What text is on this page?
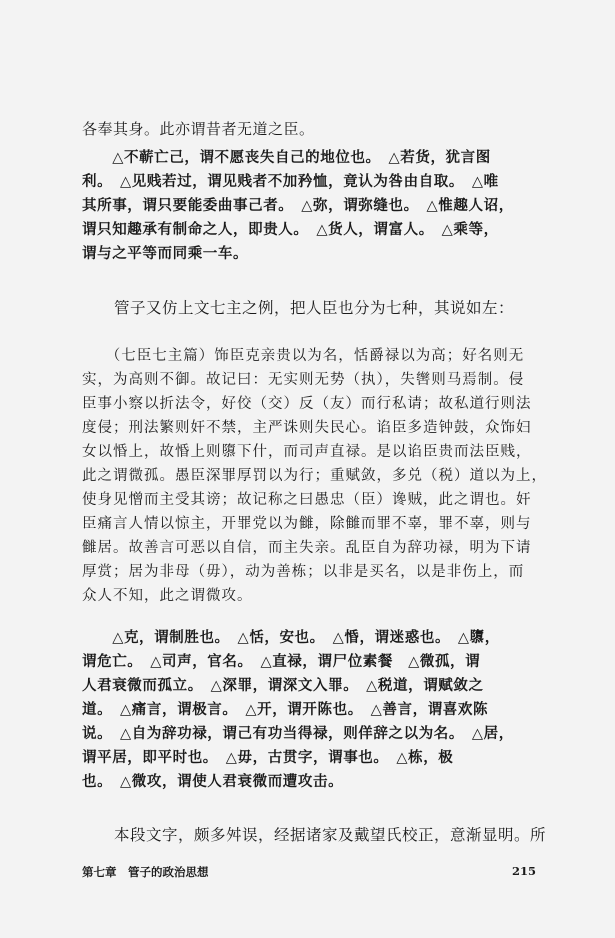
各奉其身。此亦谓昔者无道之臣。
　　△不蕲亡己，谓不愿丧失自己的地位也。　△若货，犹言图
利。　△见贱若过，谓见贱者不加矜恤，竟认为咎由自取。　△唯
其所事，谓只要能委曲事己者。　△弥，谓弥缝也。　△惟趣人诏，
谓只知趣承有制命之人，即贵人。　△货人，谓富人。　△乘等，
谓与之平等而同乘一车。
　　管子又仿上文七主之例，把人臣也分为七种，其说如左：
　　（七臣七主篇）饰臣克亲贵以为名，恬爵禄以为高；好名则无
实，为高则不御。故记曰：无实则无势（执），失辔则马焉制。侵
臣事小察以折法令，好佼（交）反（友）而行私请；故私道行则法
度侵；刑法繁则奸不禁，主严诛则失民心。谄臣多造钟鼓，众饰妇
女以惛上，故惛上则隳下什，而司声直禄。是以谄臣贵而法臣贱，
此之谓微孤。愚臣深罪厚罚以为行；重赋敛，多兑（税）道以为上，
使身见憎而主受其谤；故记称之曰愚忠（臣）谗贼，此之谓也。奸
臣痛言人情以惊主，开罪党以为雠，除雠而罪不辜，罪不辜，则与
雠居。故善言可恶以自信，而主失亲。乱臣自为辞功禄，明为下请
厚赏；居为非母（毋），动为善栋；以非是买名，以是非伤上，而
众人不知，此之谓微攻。
　　△克，谓制胜也。　△恬，安也。　△惛，谓迷惑也。　△隳，
谓危亡。　△司声，官名。　△直禄，谓尸位素餐　△微孤，谓
人君衰微而孤立。　△深罪，谓深文入罪。　△税道，谓赋敛之
道。　△痛言，谓极言。　△开，谓开陈也。　△善言，谓喜欢陈
说。　△自为辞功禄，谓己有功当得禄，则佯辞之以为名。　△居，
谓平居，即平时也。　△毋，古贯字，谓事也。　△栋，极
也。　△微攻，谓使人君衰微而遭攻击。
　　本段文字，颇多舛误，经据诸家及戴望氏校正，意渐显明。所
第七章　管子的政治思想	215
